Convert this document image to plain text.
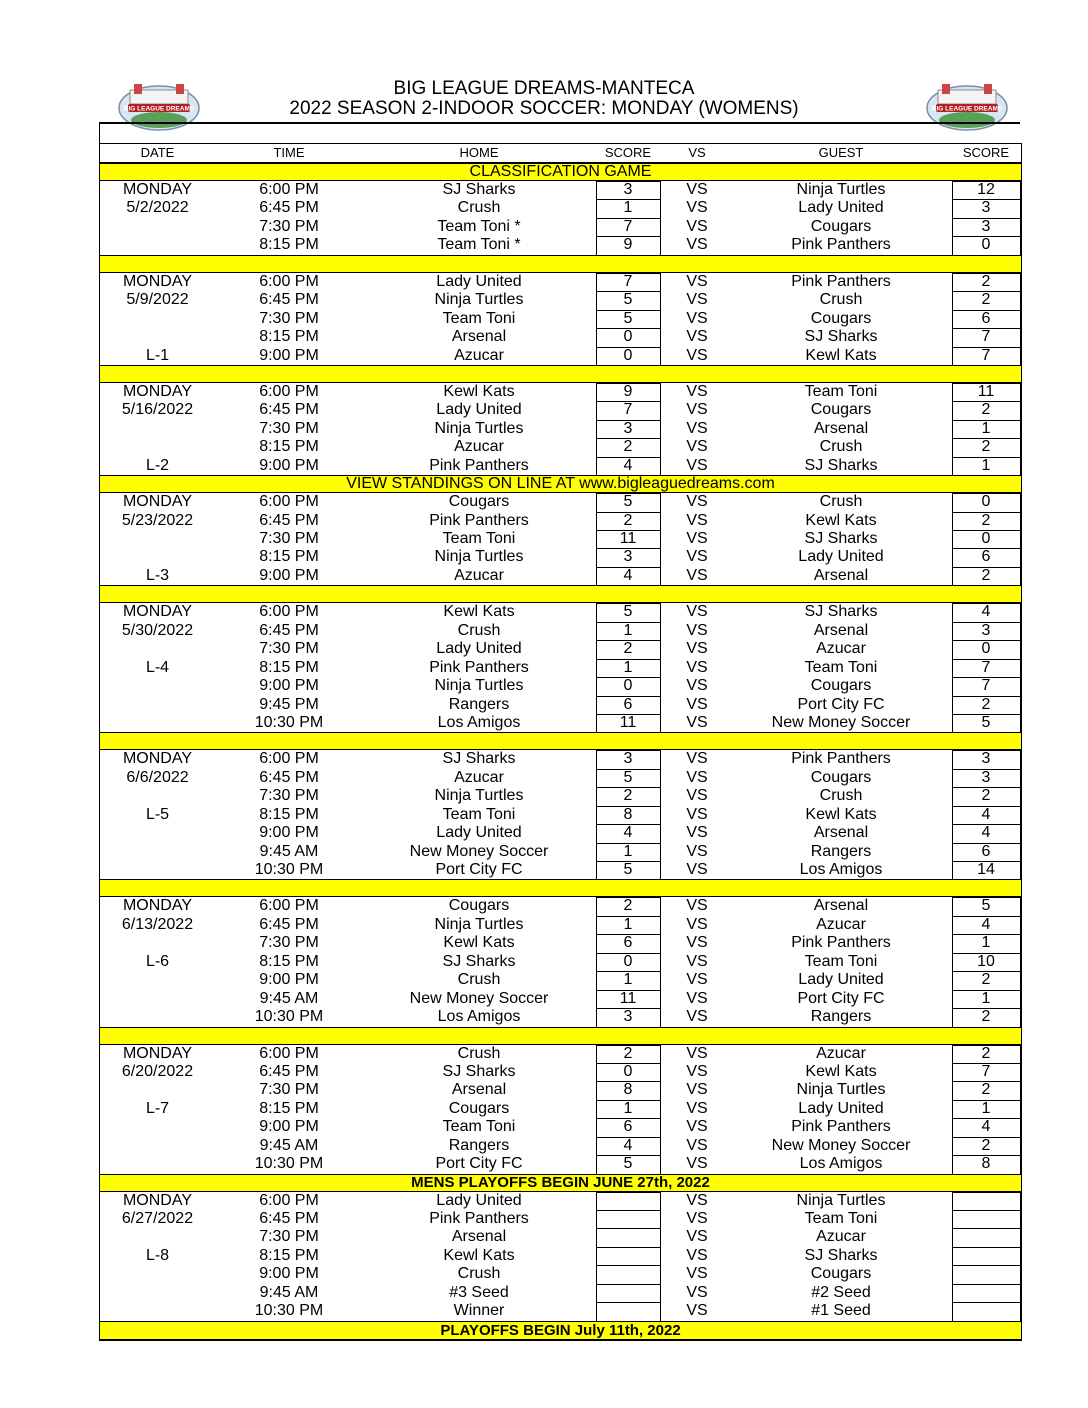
BIG LEAGUE DREAMS	BIG LEAGUE DREAMS
BIG LEAGUE DREAMS-MANTECA
2022 SEASON 2-INDOOR SOCCER: MONDAY (WOMENS)
DATE	TIME	HOME	SCORE	VS	GUEST	SCORE
CLASSIFICATION GAME
MONDAY	6:00 PM	SJ Sharks	3	VS	Ninja Turtles	12
5/2/2022	6:45 PM	Crush	1	VS	Lady United	3
7:30 PM	Team Toni *	7	VS	Cougars	3
8:15 PM	Team Toni *	9	VS	Pink Panthers	0
MONDAY	6:00 PM	Lady United	7	VS	Pink Panthers	2
5/9/2022	6:45 PM	Ninja Turtles	5	VS	Crush	2
7:30 PM	Team Toni	5	VS	Cougars	6
8:15 PM	Arsenal	0	VS	SJ Sharks	7
L-1	9:00 PM	Azucar	0	VS	Kewl Kats	7
MONDAY	6:00 PM	Kewl Kats	9	VS	Team Toni	11
5/16/2022	6:45 PM	Lady United	7	VS	Cougars	2
7:30 PM	Ninja Turtles	3	VS	Arsenal	1
8:15 PM	Azucar	2	VS	Crush	2
L-2	9:00 PM	Pink Panthers	4	VS	SJ Sharks	1
VIEW STANDINGS ON LINE AT www.bigleaguedreams.com
MONDAY	6:00 PM	Cougars	5	VS	Crush	0
5/23/2022	6:45 PM	Pink Panthers	2	VS	Kewl Kats	2
7:30 PM	Team Toni	11	VS	SJ Sharks	0
8:15 PM	Ninja Turtles	3	VS	Lady United	6
L-3	9:00 PM	Azucar	4	VS	Arsenal	2
MONDAY	6:00 PM	Kewl Kats	5	VS	SJ Sharks	4
5/30/2022	6:45 PM	Crush	1	VS	Arsenal	3
7:30 PM	Lady United	2	VS	Azucar	0
L-4	8:15 PM	Pink Panthers	1	VS	Team Toni	7
9:00 PM	Ninja Turtles	0	VS	Cougars	7
9:45 PM	Rangers	6	VS	Port City FC	2
10:30 PM	Los Amigos	11	VS	New Money Soccer	5
MONDAY	6:00 PM	SJ Sharks	3	VS	Pink Panthers	3
6/6/2022	6:45 PM	Azucar	5	VS	Cougars	3
7:30 PM	Ninja Turtles	2	VS	Crush	2
L-5	8:15 PM	Team Toni	8	VS	Kewl Kats	4
9:00 PM	Lady United	4	VS	Arsenal	4
9:45 AM	New Money Soccer	1	VS	Rangers	6
10:30 PM	Port City FC	5	VS	Los Amigos	14
MONDAY	6:00 PM	Cougars	2	VS	Arsenal	5
6/13/2022	6:45 PM	Ninja Turtles	1	VS	Azucar	4
7:30 PM	Kewl Kats	6	VS	Pink Panthers	1
L-6	8:15 PM	SJ Sharks	0	VS	Team Toni	10
9:00 PM	Crush	1	VS	Lady United	2
9:45 AM	New Money Soccer	11	VS	Port City FC	1
10:30 PM	Los Amigos	3	VS	Rangers	2
MONDAY	6:00 PM	Crush	2	VS	Azucar	2
6/20/2022	6:45 PM	SJ Sharks	0	VS	Kewl Kats	7
7:30 PM	Arsenal	8	VS	Ninja Turtles	2
L-7	8:15 PM	Cougars	1	VS	Lady United	1
9:00 PM	Team Toni	6	VS	Pink Panthers	4
9:45 AM	Rangers	4	VS	New Money Soccer	2
10:30 PM	Port City FC	5	VS	Los Amigos	8
MENS PLAYOFFS BEGIN JUNE 27th, 2022
MONDAY	6:00 PM	Lady United	VS	Ninja Turtles
6/27/2022	6:45 PM	Pink Panthers	VS	Team Toni
7:30 PM	Arsenal	VS	Azucar
L-8	8:15 PM	Kewl Kats	VS	SJ Sharks
9:00 PM	Crush	VS	Cougars
9:45 AM	#3 Seed	VS	#2 Seed
10:30 PM	Winner	VS	#1 Seed
PLAYOFFS BEGIN July 11th, 2022
